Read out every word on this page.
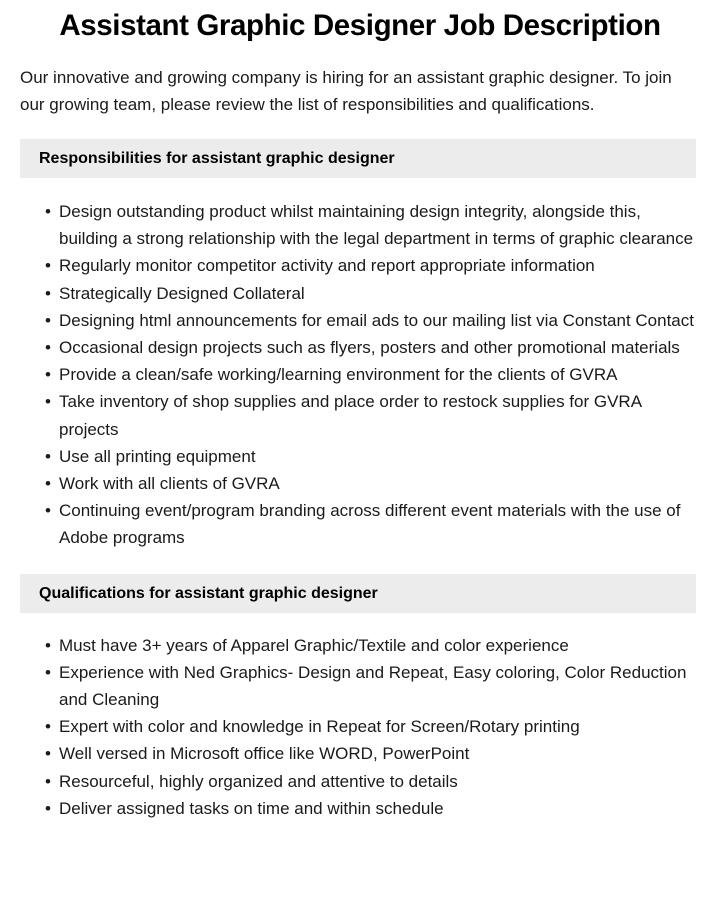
Assistant Graphic Designer Job Description

Our innovative and growing company is hiring for an assistant graphic designer. To join our growing team, please review the list of responsibilities and qualifications.

Responsibilities for assistant graphic designer
• Design outstanding product whilst maintaining design integrity, alongside this, building a strong relationship with the legal department in terms of graphic clearance
• Regularly monitor competitor activity and report appropriate information
• Strategically Designed Collateral
• Designing html announcements for email ads to our mailing list via Constant Contact
• Occasional design projects such as flyers, posters and other promotional materials
• Provide a clean/safe working/learning environment for the clients of GVRA
• Take inventory of shop supplies and place order to restock supplies for GVRA projects
• Use all printing equipment
• Work with all clients of GVRA
• Continuing event/program branding across different event materials with the use of Adobe programs
Qualifications for assistant graphic designer
• Must have 3+ years of Apparel Graphic/Textile and color experience
• Experience with Ned Graphics- Design and Repeat, Easy coloring, Color Reduction and Cleaning
• Expert with color and knowledge in Repeat for Screen/Rotary printing
• Well versed in Microsoft office like WORD, PowerPoint
• Resourceful, highly organized and attentive to details
• Deliver assigned tasks on time and within schedule
